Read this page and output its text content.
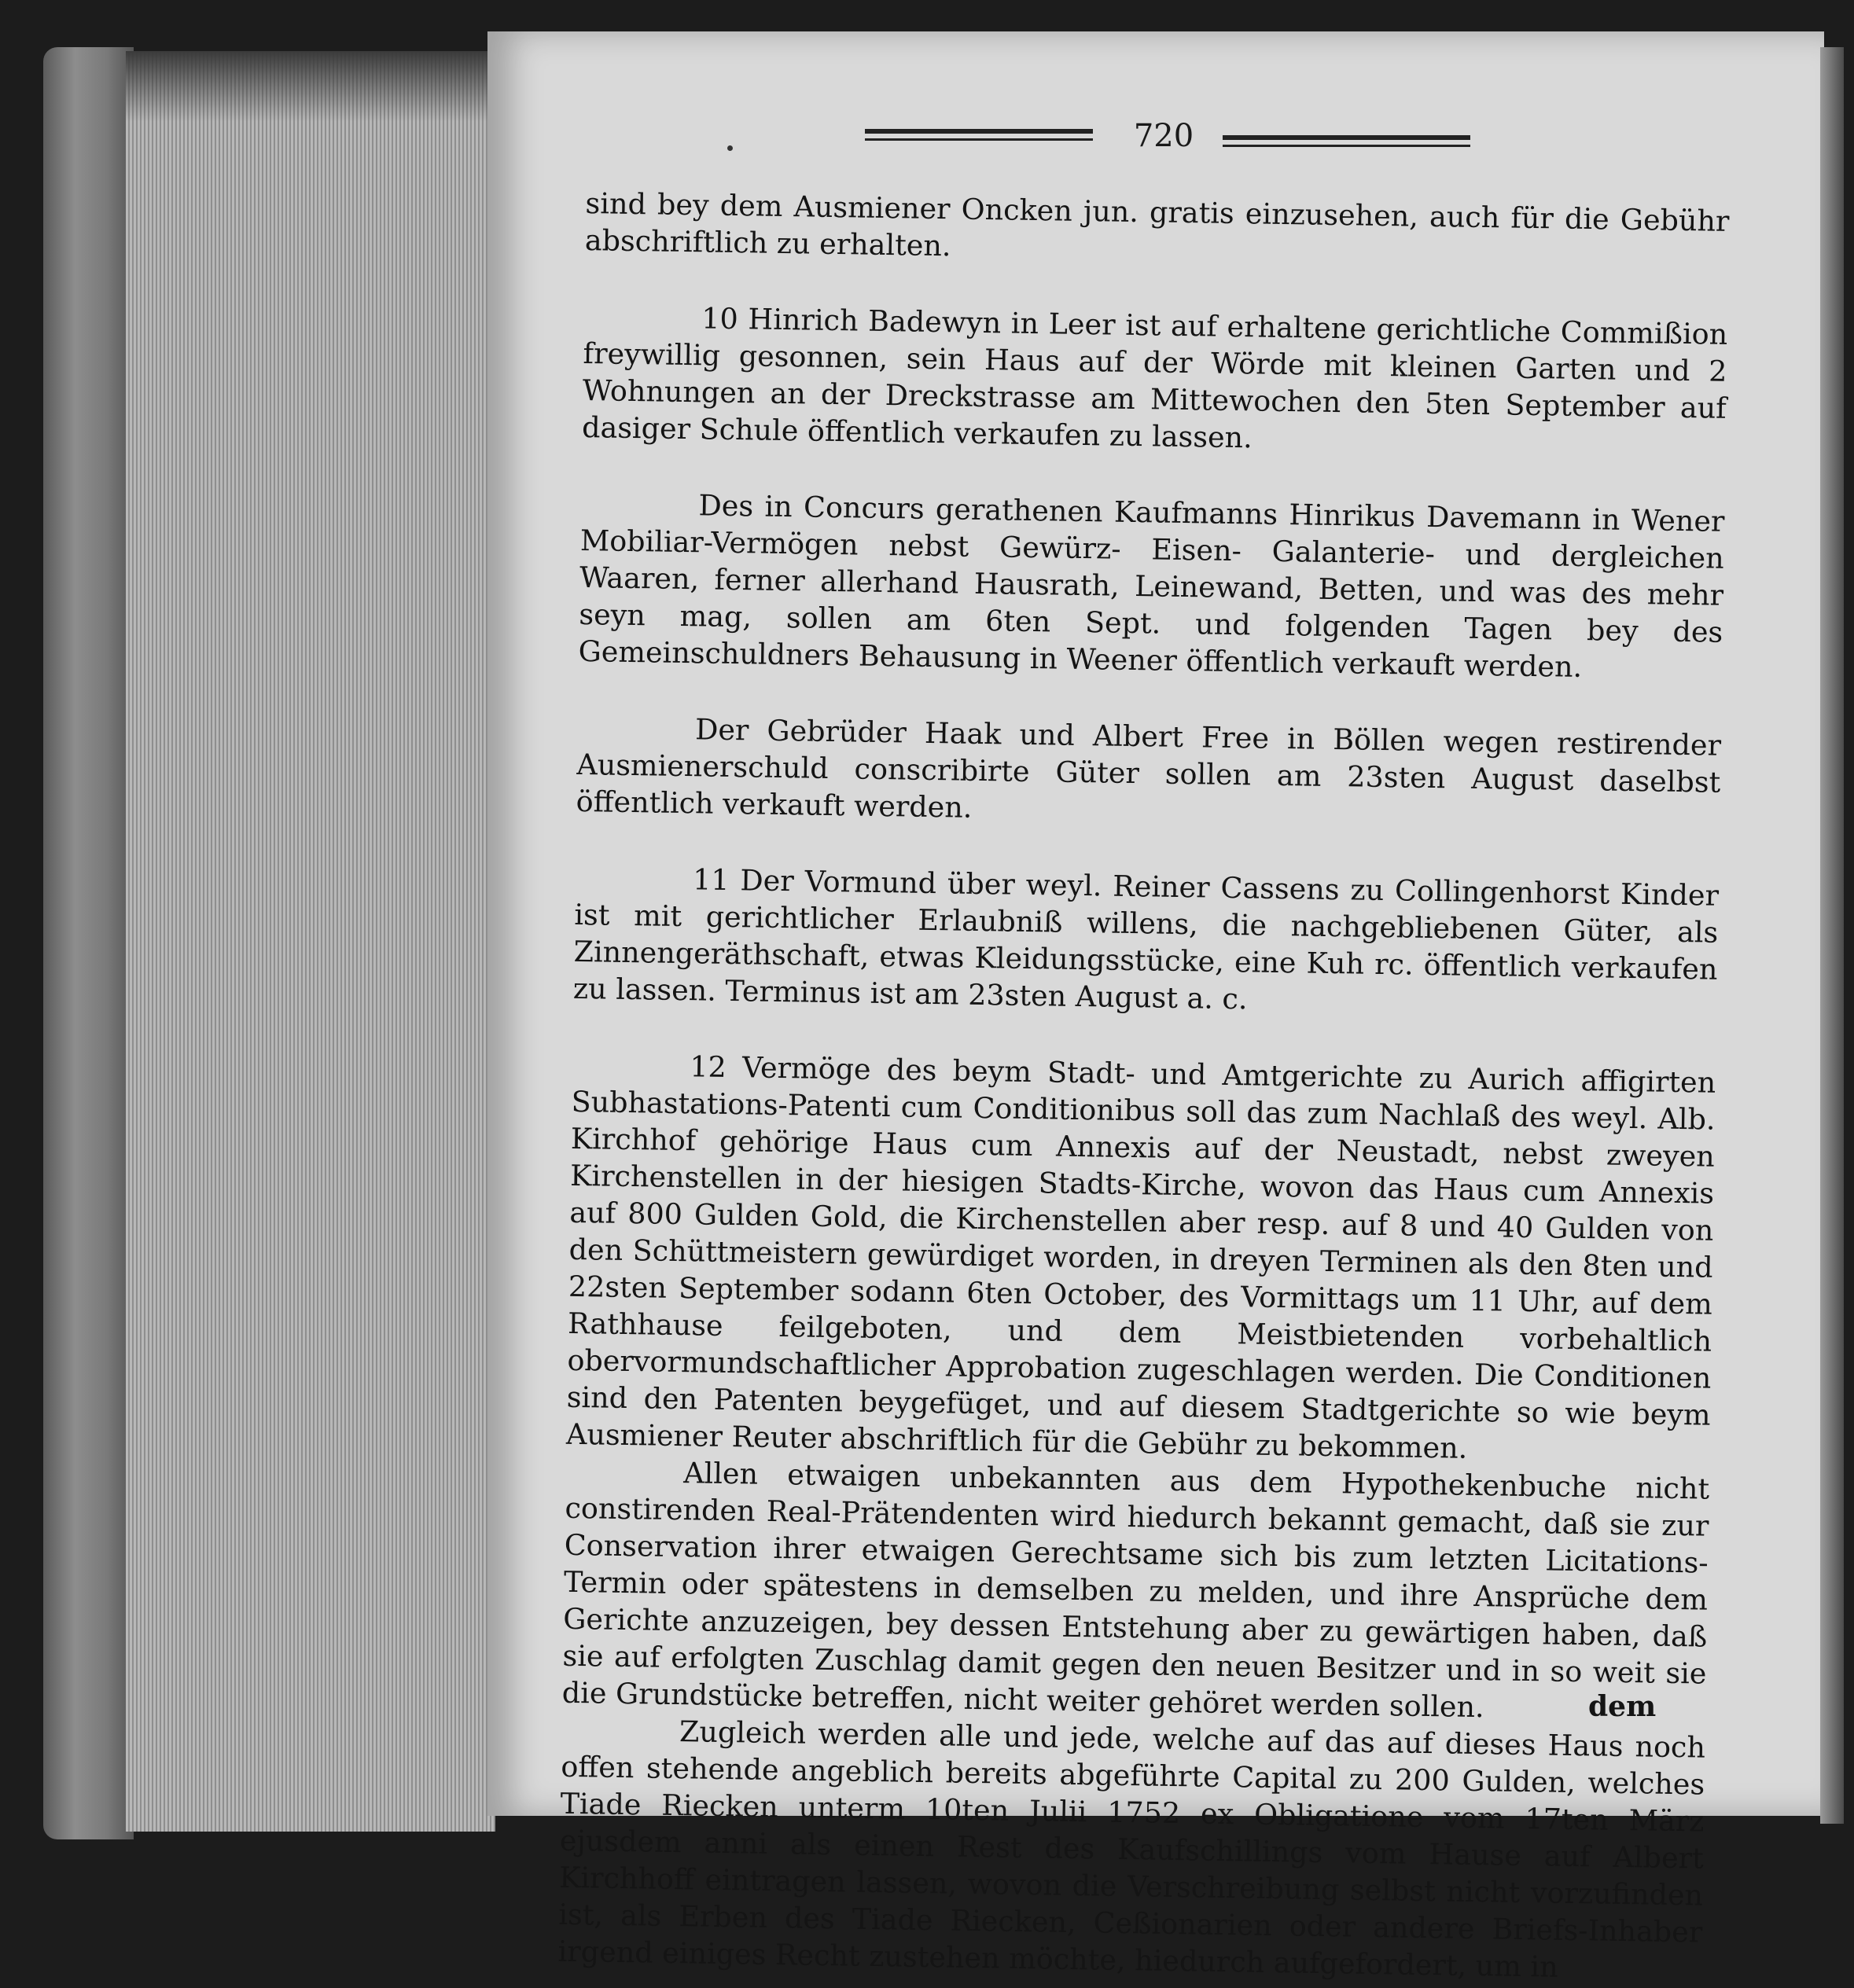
720

sind bey dem Ausmiener Oncken jun. gratis einzusehen, auch für die Gebühr abschriftlich zu erhalten.

10 Hinrich Badewyn in Leer ist auf erhaltene gerichtliche Commißion freywillig gesonnen, sein Haus auf der Wörde mit kleinen Garten und 2 Wohnungen an der Dreckstrasse am Mittewochen den 5ten September auf dasiger Schule öffentlich verkaufen zu lassen.

Des in Concurs gerathenen Kaufmanns Hinrikus Davemann in Wener Mobiliar-Vermögen nebst Gewürz- Eisen- Galanterie- und dergleichen Waaren, ferner allerhand Hausrath, Leinewand, Betten, und was des mehr seyn mag, sollen am 6ten Sept. und folgenden Tagen bey des Gemeinschuldners Behausung in Weener öffentlich verkauft werden.

Der Gebrüder Haak und Albert Free in Böllen wegen restirender Ausmienerschuld conscribirte Güter sollen am 23sten August daselbst öffentlich verkauft werden.

11 Der Vormund über weyl. Reiner Cassens zu Collingenhorst Kinder ist mit gerichtlicher Erlaubniß willens, die nachgebliebenen Güter, als Zinnengeräthschaft, etwas Kleidungsstücke, eine Kuh rc. öffentlich verkaufen zu lassen. Terminus ist am 23sten August a. c.

12 Vermöge des beym Stadt- und Amtgerichte zu Aurich affigirten Subhastations-Patenti cum Conditionibus soll das zum Nachlaß des weyl. Alb. Kirchhof gehörige Haus cum Annexis auf der Neustadt, nebst zweyen Kirchenstellen in der hiesigen Stadts-Kirche, wovon das Haus cum Annexis auf 800 Gulden Gold, die Kirchenstellen aber resp. auf 8 und 40 Gulden von den Schüttmeistern gewürdiget worden, in dreyen Terminen als den 8ten und 22sten September sodann 6ten October, des Vormittags um 11 Uhr, auf dem Rathhause feilgeboten, und dem Meistbietenden vorbehaltlich obervormundschaftlicher Approbation zugeschlagen werden. Die Conditionen sind den Patenten beygefüget, und auf diesem Stadtgerichte so wie beym Ausmiener Reuter abschriftlich für die Gebühr zu bekommen.

Allen etwaigen unbekannten aus dem Hypothekenbuche nicht constirenden Real-Prätendenten wird hiedurch bekannt gemacht, daß sie zur Conservation ihrer etwaigen Gerechtsame sich bis zum letzten Licitations-Termin oder spätestens in demselben zu melden, und ihre Ansprüche dem Gerichte anzuzeigen, bey dessen Entstehung aber zu gewärtigen haben, daß sie auf erfolgten Zuschlag damit gegen den neuen Besitzer und in so weit sie die Grundstücke betreffen, nicht weiter gehöret werden sollen.

Zugleich werden alle und jede, welche auf das auf dieses Haus noch offen stehende angeblich bereits abgeführte Capital zu 200 Gulden, welches Tiade Riecken unterm 10ten Julii 1752 ex Obligatione vom 17ten März ejusdem anni als einen Rest des Kaufschillings vom Hause auf Albert Kirchhoff eintragen lassen, wovon die Verschreibung selbst nicht vorzufinden ist, als Erben des Tiade Riecken, Ceßionarien oder andere Briefs-Inhaber irgend einiges Recht zustehen möchte, hiedurch aufgefordert, um in

dem
